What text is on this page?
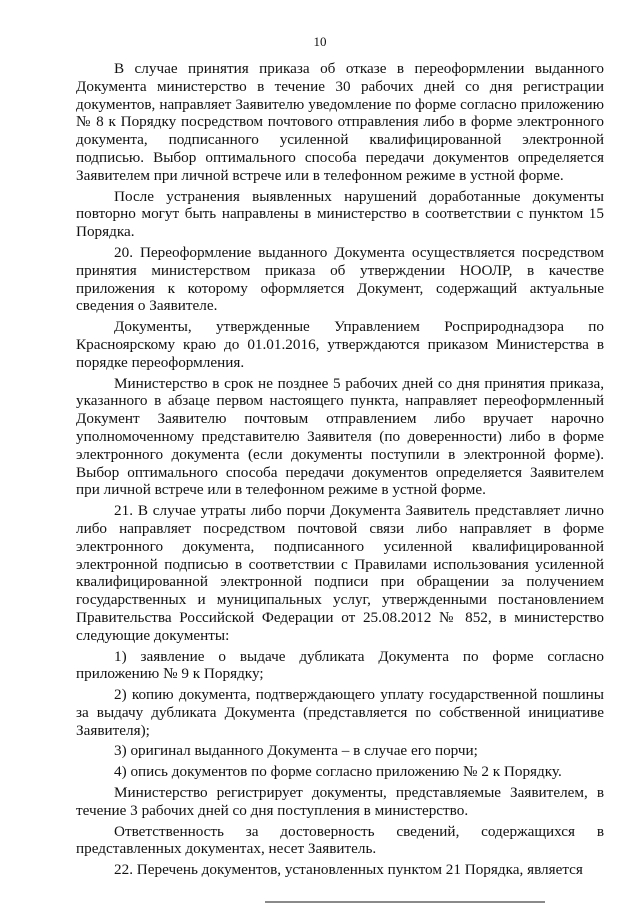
10

В случае принятия приказа об отказе в переоформлении выданного Документа министерство в течение 30 рабочих дней со дня регистрации документов, направляет Заявителю уведомление по форме согласно приложению № 8 к Порядку посредством почтового отправления либо в форме электронного документа, подписанного усиленной квалифицированной электронной подписью. Выбор оптимального способа передачи документов определяется Заявителем при личной встрече или в телефонном режиме в устной форме.

После устранения выявленных нарушений доработанные документы повторно могут быть направлены в министерство в соответствии с пунктом 15 Порядка.

20. Переоформление выданного Документа осуществляется посредством принятия министерством приказа об утверждении НООЛР, в качестве приложения к которому оформляется Документ, содержащий актуальные сведения о Заявителе.

Документы, утвержденные Управлением Росприроднадзора по Красноярскому краю до 01.01.2016, утверждаются приказом Министерства в порядке переоформления.

Министерство в срок не позднее 5 рабочих дней со дня принятия приказа, указанного в абзаце первом настоящего пункта, направляет переоформленный Документ Заявителю почтовым отправлением либо вручает нарочно уполномоченному представителю Заявителя (по доверенности) либо в форме электронного документа (если документы поступили в электронной форме). Выбор оптимального способа передачи документов определяется Заявителем при личной встрече или в телефонном режиме в устной форме.

21. В случае утраты либо порчи Документа Заявитель представляет лично либо направляет посредством почтовой связи либо направляет в форме электронного документа, подписанного усиленной квалифицированной электронной подписью в соответствии с Правилами использования усиленной квалифицированной электронной подписи при обращении за получением государственных и муниципальных услуг, утвержденными постановлением Правительства Российской Федерации от 25.08.2012 № 852, в министерство следующие документы:

1) заявление о выдаче дубликата Документа по форме согласно приложению № 9 к Порядку;

2) копию документа, подтверждающего уплату государственной пошлины за выдачу дубликата Документа (представляется по собственной инициативе Заявителя);

3) оригинал выданного Документа – в случае его порчи;

4) опись документов по форме согласно приложению № 2 к Порядку.

Министерство регистрирует документы, представляемые Заявителем, в течение 3 рабочих дней со дня поступления в министерство.

Ответственность за достоверность сведений, содержащихся в представленных документах, несет Заявитель.

22. Перечень документов, установленных пунктом 21 Порядка, является
